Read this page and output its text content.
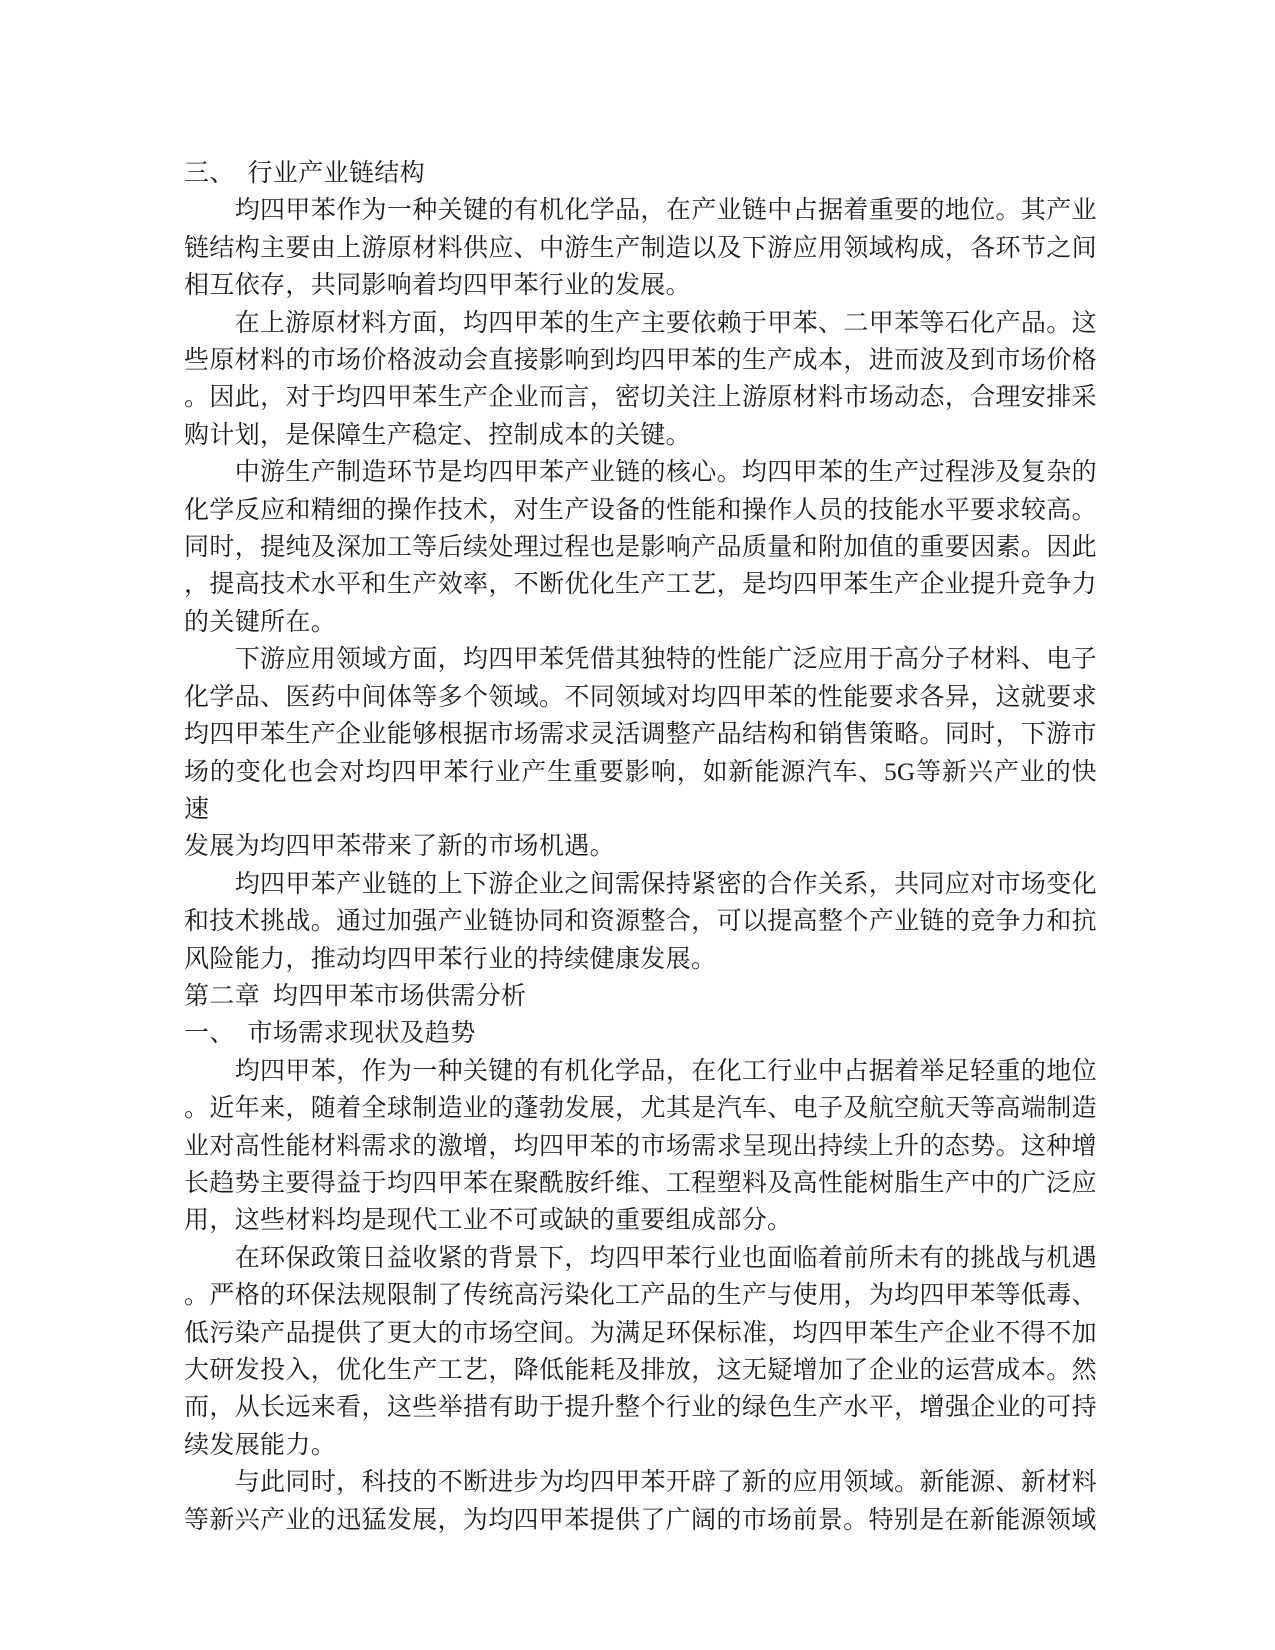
三、 行业产业链结构
均四甲苯作为一种关键的有机化学品，在产业链中占据着重要的地位。其产业
链结构主要由上游原材料供应、中游生产制造以及下游应用领域构成，各环节之间
相互依存，共同影响着均四甲苯行业的发展。
在上游原材料方面，均四甲苯的生产主要依赖于甲苯、二甲苯等石化产品。这
些原材料的市场价格波动会直接影响到均四甲苯的生产成本，进而波及到市场价格
。因此，对于均四甲苯生产企业而言，密切关注上游原材料市场动态，合理安排采
购计划，是保障生产稳定、控制成本的关键。
中游生产制造环节是均四甲苯产业链的核心。均四甲苯的生产过程涉及复杂的
化学反应和精细的操作技术，对生产设备的性能和操作人员的技能水平要求较高。
同时，提纯及深加工等后续处理过程也是影响产品质量和附加值的重要因素。因此
，提高技术水平和生产效率，不断优化生产工艺，是均四甲苯生产企业提升竞争力
的关键所在。
下游应用领域方面，均四甲苯凭借其独特的性能广泛应用于高分子材料、电子
化学品、医药中间体等多个领域。不同领域对均四甲苯的性能要求各异，这就要求
均四甲苯生产企业能够根据市场需求灵活调整产品结构和销售策略。同时，下游市
场的变化也会对均四甲苯行业产生重要影响，如新能源汽车、5G等新兴产业的快速
发展为均四甲苯带来了新的市场机遇。
均四甲苯产业链的上下游企业之间需保持紧密的合作关系，共同应对市场变化
和技术挑战。通过加强产业链协同和资源整合，可以提高整个产业链的竞争力和抗
风险能力，推动均四甲苯行业的持续健康发展。
第二章 均四甲苯市场供需分析
一、 市场需求现状及趋势
均四甲苯，作为一种关键的有机化学品，在化工行业中占据着举足轻重的地位
。近年来，随着全球制造业的蓬勃发展，尤其是汽车、电子及航空航天等高端制造
业对高性能材料需求的激增，均四甲苯的市场需求呈现出持续上升的态势。这种增
长趋势主要得益于均四甲苯在聚酰胺纤维、工程塑料及高性能树脂生产中的广泛应
用，这些材料均是现代工业不可或缺的重要组成部分。
在环保政策日益收紧的背景下，均四甲苯行业也面临着前所未有的挑战与机遇
。严格的环保法规限制了传统高污染化工产品的生产与使用，为均四甲苯等低毒、
低污染产品提供了更大的市场空间。为满足环保标准，均四甲苯生产企业不得不加
大研发投入，优化生产工艺，降低能耗及排放，这无疑增加了企业的运营成本。然
而，从长远来看，这些举措有助于提升整个行业的绿色生产水平，增强企业的可持
续发展能力。
与此同时，科技的不断进步为均四甲苯开辟了新的应用领域。新能源、新材料
等新兴产业的迅猛发展，为均四甲苯提供了广阔的市场前景。特别是在新能源领域
